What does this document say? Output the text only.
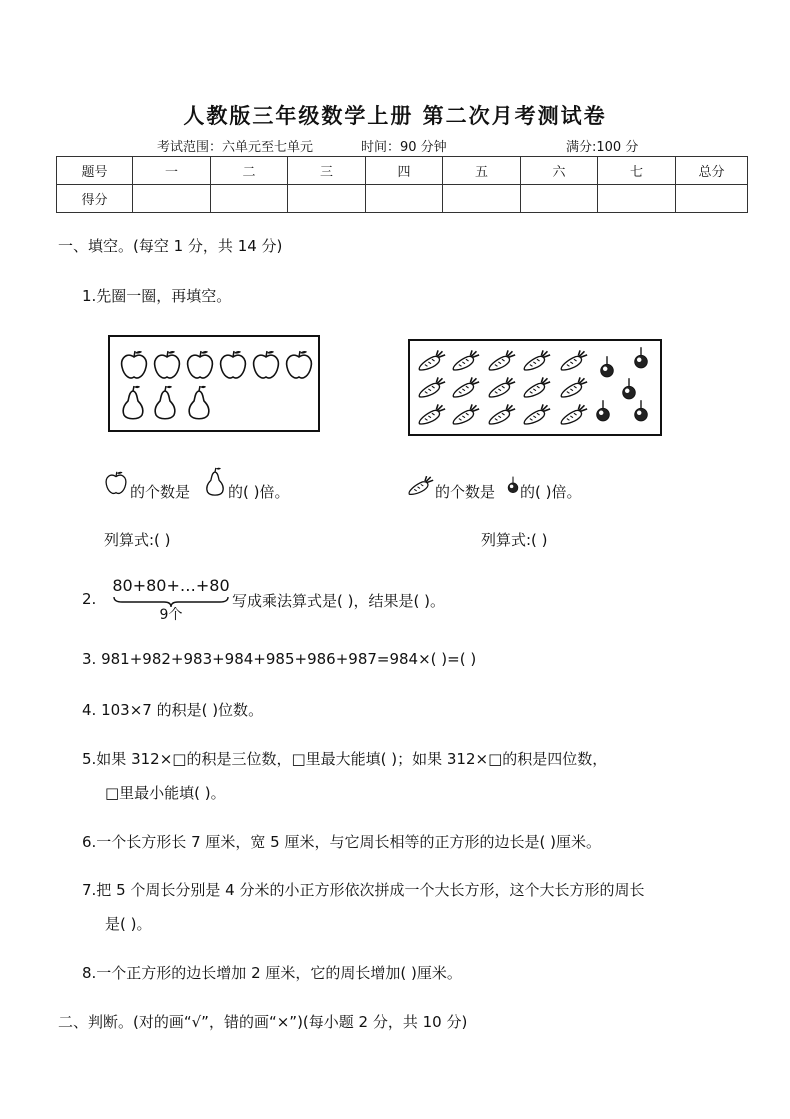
人教版三年级数学上册 第二次月考测试卷
考试范围：六单元至七单元	时间：90 分钟	满分:100 分
题号	一	二	三	四	五	六	七	总分
得分								
一、填空。(每空 1 分，共 14 分)
1.先圈一圈，再填空。
的个数是	的( )倍。	的个数是 的( )倍。
列算式:( )	列算式:( )
2.
80+80+…+80
9个
写成乘法算式是( )，结果是( )。
3. 981+982+983+984+985+986+987=984×( )=( )
4. 103×7 的积是( )位数。
5.如果 312×□的积是三位数，□里最大能填( )；如果 312×□的积是四位数，
□里最小能填( )。
6.一个长方形长 7 厘米，宽 5 厘米，与它周长相等的正方形的边长是( )厘米。
7.把 5 个周长分别是 4 分米的小正方形依次拼成一个大长方形，这个大长方形的周长
是( )。
8.一个正方形的边长增加 2 厘米，它的周长增加( )厘米。
二、判断。(对的画“√”，错的画“×”)(每小题 2 分，共 10 分)
